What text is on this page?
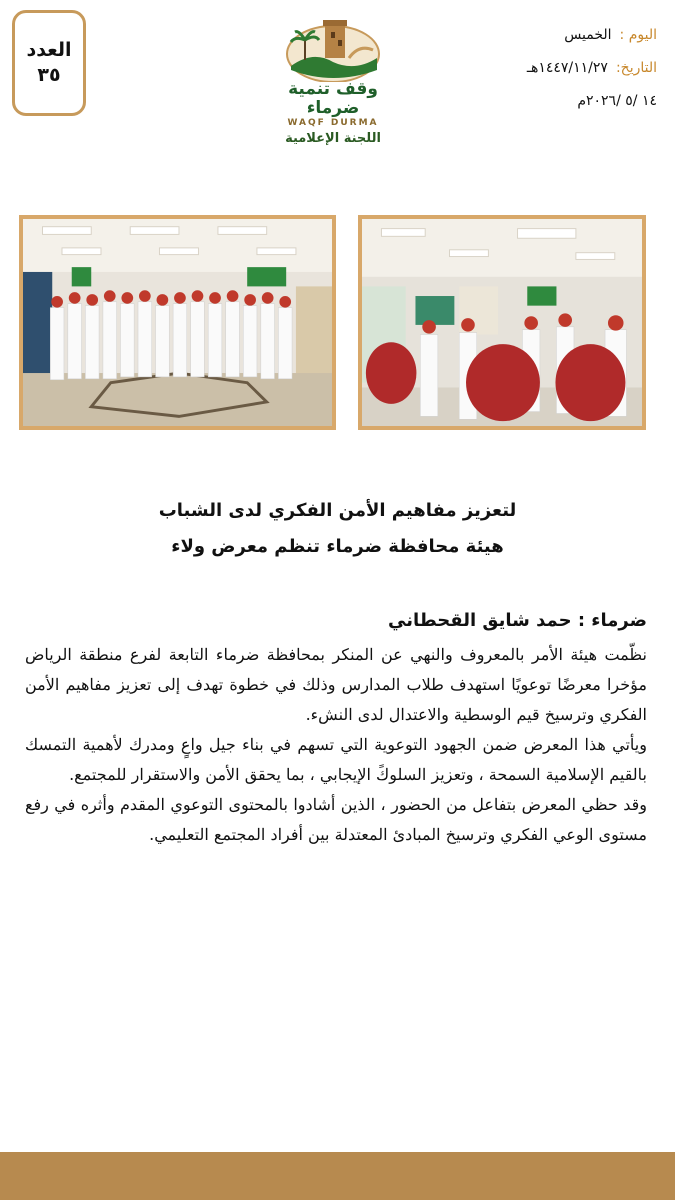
العدد
٣٥
وقف تنمية ضرماء
WAQF DURMA
اللجنة الإعلامية
اليوم :
الخميس
التاريخ:
١٤٤٧/١١/٢٧هـ
١٤ /٥ /٢٠٢٦م
لتعزيز مفاهيم الأمن الفكري لدى الشباب
هيئة محافظة ضرماء تنظم معرض ولاء
ضرماء : حمد شايق القحطاني

نظّمت هيئة الأمر بالمعروف والنهي عن المنكر بمحافظة ضرماء التابعة لفرع منطقة الرياض مؤخرا معرضًا توعويًا استهدف طلاب المدارس وذلك في خطوة تهدف إلى تعزيز مفاهيم الأمن الفكري وترسيخ قيم الوسطية والاعتدال لدى النشء.

ويأتي هذا المعرض ضمن الجهود التوعوية التي تسهم في بناء جيل واعٍ ومدرك لأهمية التمسك بالقيم الإسلامية السمحة ، وتعزيز السلوكً الإيجابي ، بما يحقق الأمن والاستقرار للمجتمع.

وقد حظي المعرض بتفاعل من الحضور ، الذين أشادوا بالمحتوى التوعوي المقدم وأثره في رفع مستوى الوعي الفكري وترسيخ المبادئ المعتدلة بين أفراد المجتمع التعليمي.
